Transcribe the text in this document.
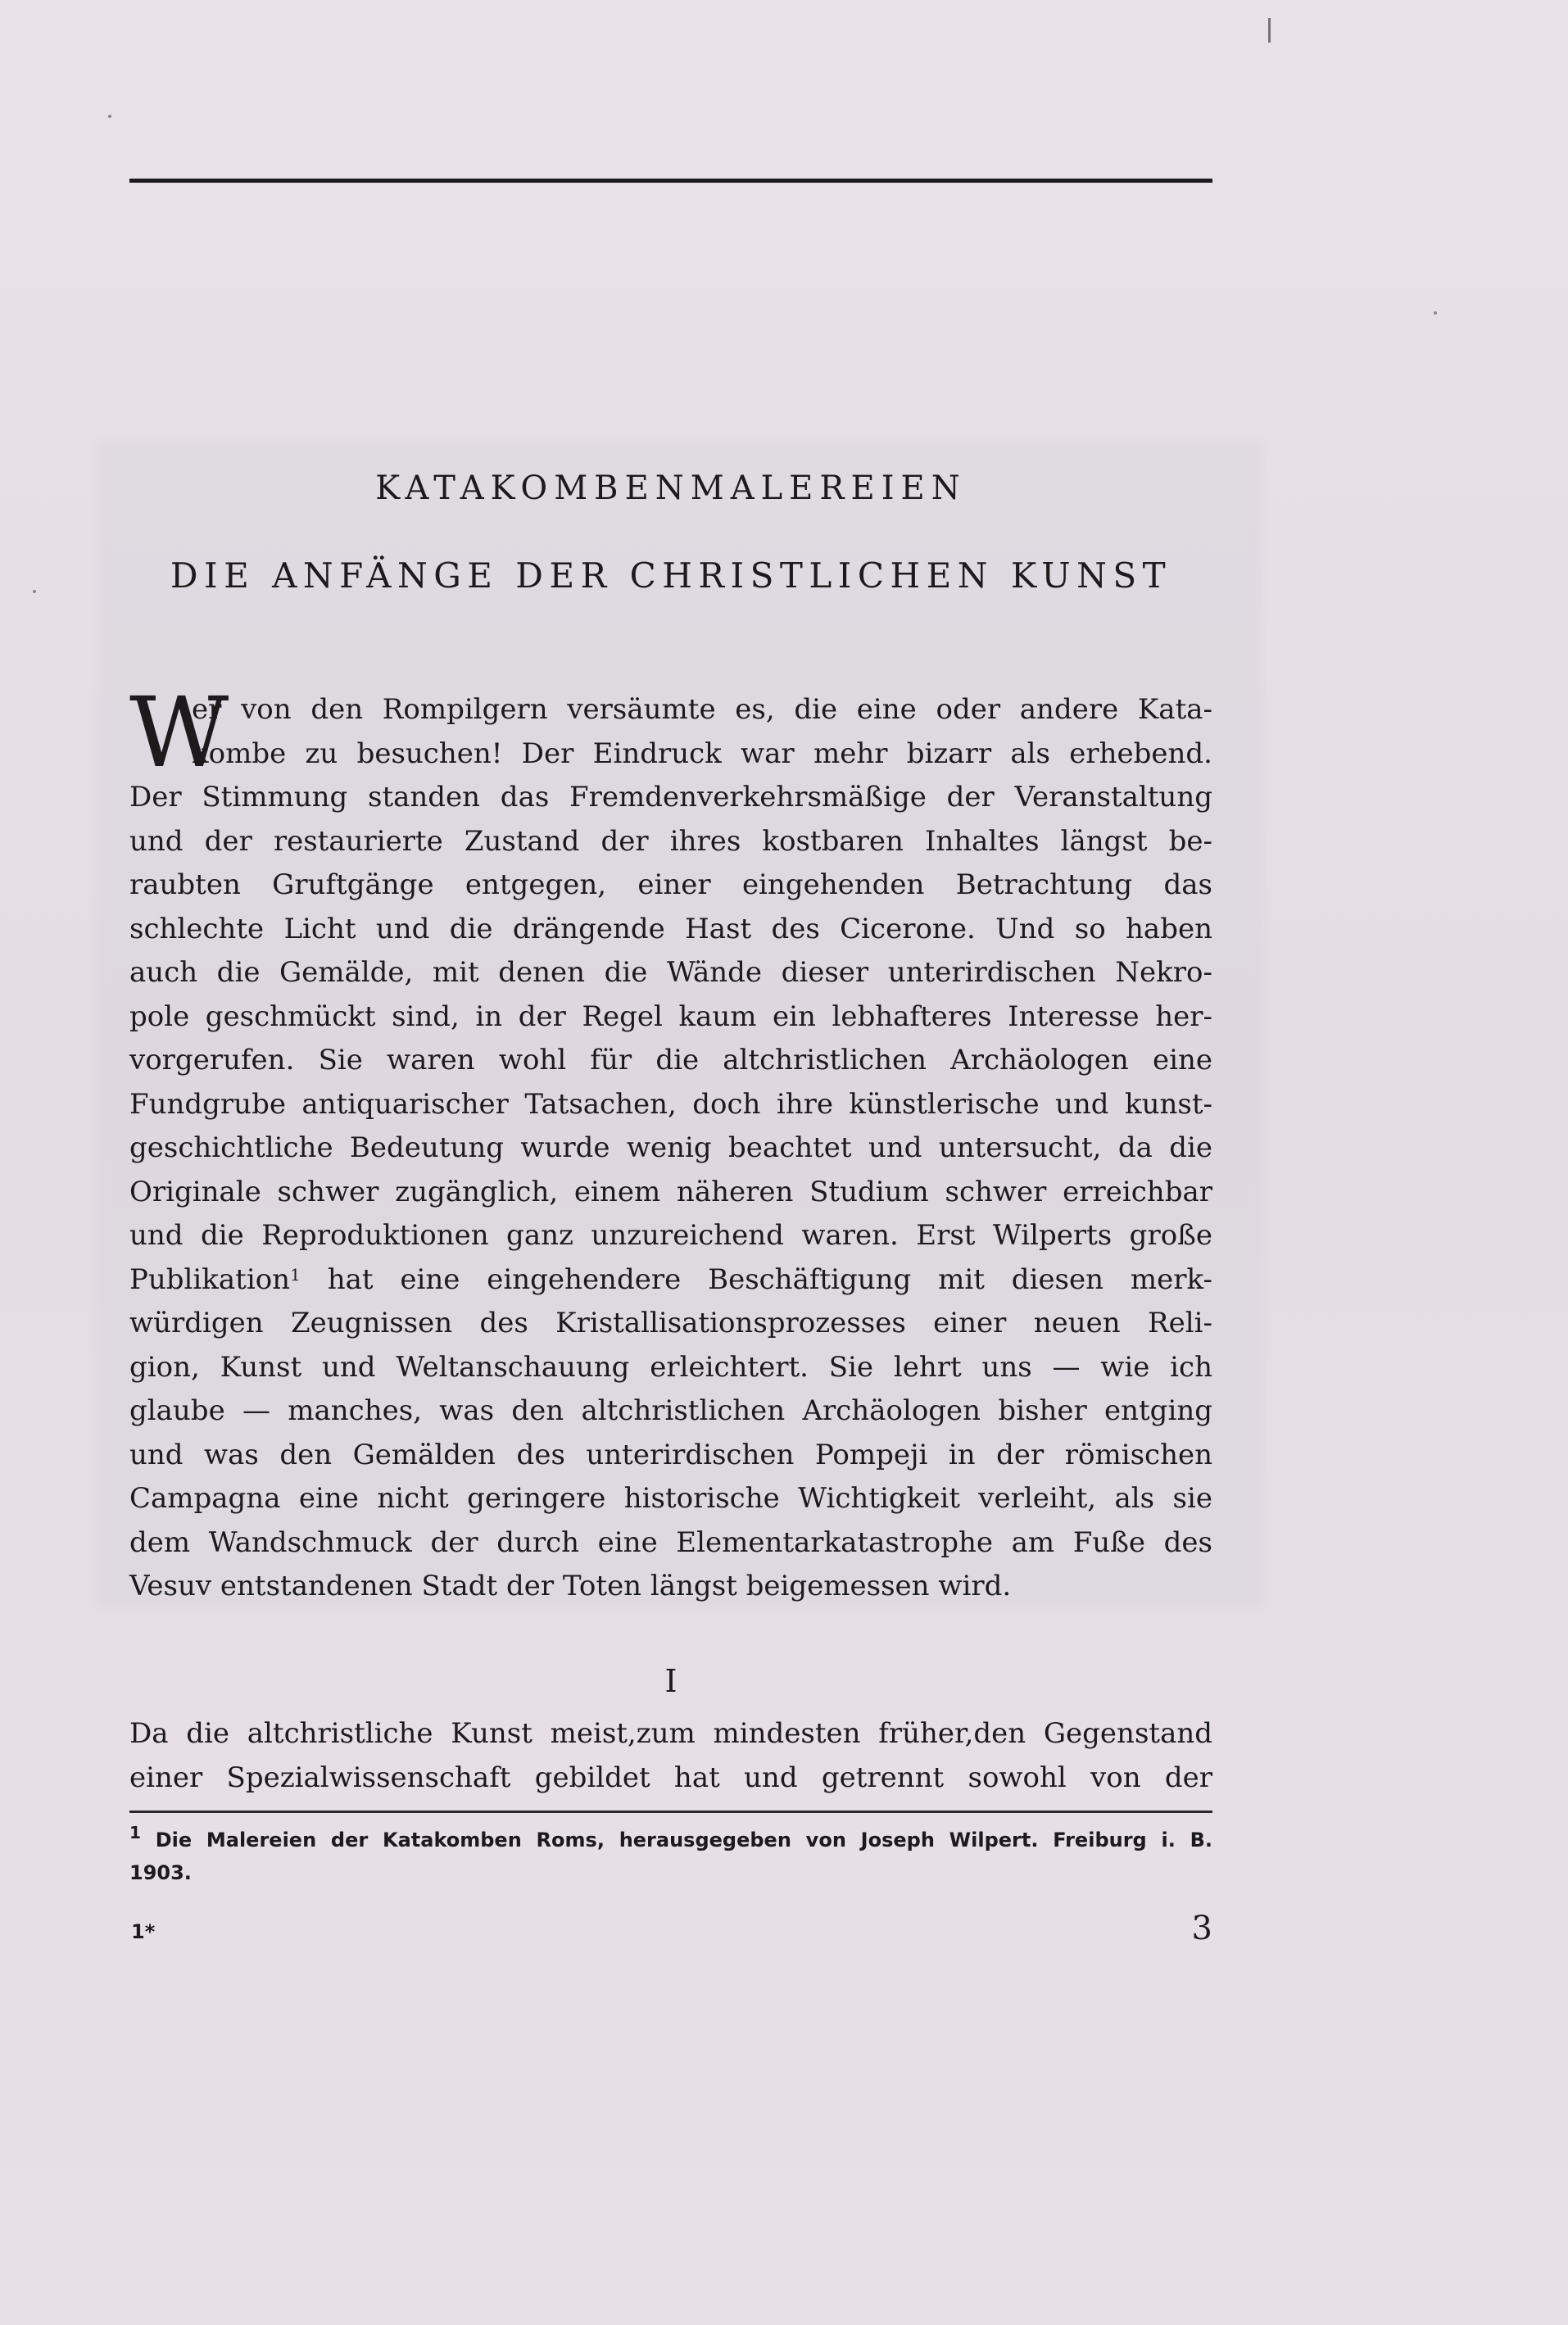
KATAKOMBENMALEREIEN
DIE ANFÄNGE DER CHRISTLICHEN KUNST
W
er von den Rompilgern versäumte es, die eine oder andere Kata-
kombe zu besuchen! Der Eindruck war mehr bizarr als erhebend.
Der Stimmung standen das Fremdenverkehrsmäßige der Veranstaltung
und der restaurierte Zustand der ihres kostbaren Inhaltes längst be-
raubten Gruftgänge entgegen, einer eingehenden Betrachtung das
schlechte Licht und die drängende Hast des Cicerone. Und so haben
auch die Gemälde, mit denen die Wände dieser unterirdischen Nekro-
pole geschmückt sind, in der Regel kaum ein lebhafteres Interesse her-
vorgerufen. Sie waren wohl für die altchristlichen Archäologen eine
Fundgrube antiquarischer Tatsachen, doch ihre künstlerische und kunst-
geschichtliche Bedeutung wurde wenig beachtet und untersucht, da die
Originale schwer zugänglich, einem näheren Studium schwer erreichbar
und die Reproduktionen ganz unzureichend waren. Erst Wilperts große
Publikation$^1$ hat eine eingehendere Beschäftigung mit diesen merk-
würdigen Zeugnissen des Kristallisationsprozesses einer neuen Reli-
gion, Kunst und Weltanschauung erleichtert. Sie lehrt uns — wie ich
glaube — manches, was den altchristlichen Archäologen bisher entging
und was den Gemälden des unterirdischen Pompeji in der römischen
Campagna eine nicht geringere historische Wichtigkeit verleiht, als sie
dem Wandschmuck der durch eine Elementarkatastrophe am Fuße des
Vesuv entstandenen Stadt der Toten längst beigemessen wird.
I
Da die altchristliche Kunst meist,zum mindesten früher,den Gegenstand
einer Spezialwissenschaft gebildet hat und getrennt sowohl von der
$^1$ Die Malereien der Katakomben Roms, herausgegeben von Joseph Wilpert. Freiburg i. B.
1903.
1*	3
